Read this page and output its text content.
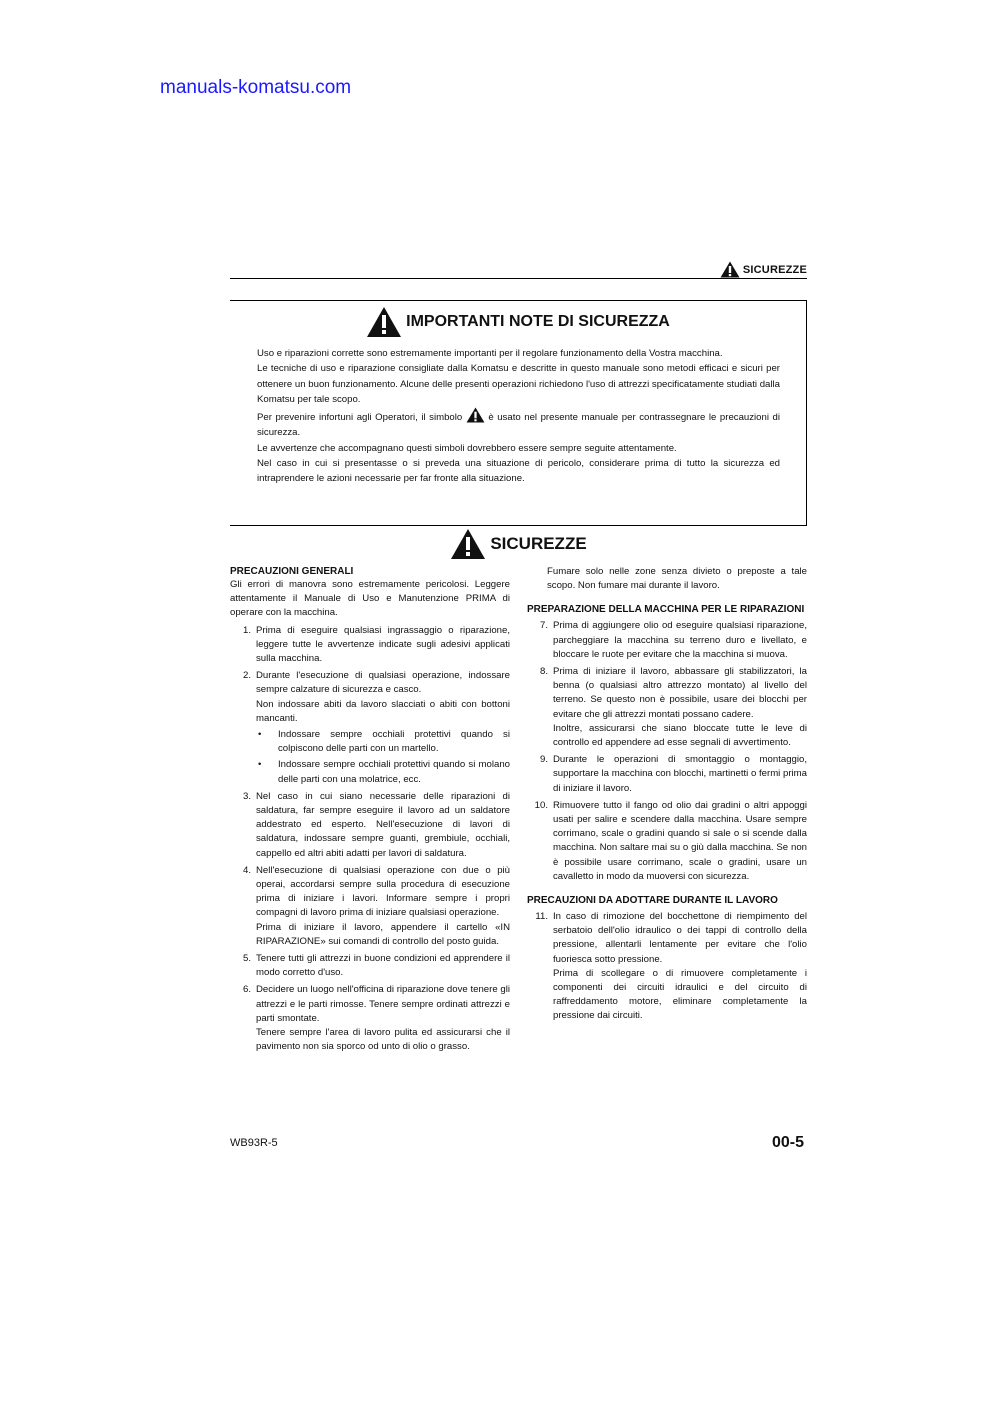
manuals-komatsu.com
SICUREZZE
IMPORTANTI NOTE DI SICUREZZA

Uso e riparazioni corrette sono estremamente importanti per il regolare funzionamento della Vostra macchina.

Le tecniche di uso e riparazione consigliate dalla Komatsu e descritte in questo manuale sono metodi efficaci e sicuri per ottenere un buon funzionamento. Alcune delle presenti operazioni richiedono l'uso di attrezzi specificatamente studiati dalla Komatsu per tale scopo.

Per prevenire infortuni agli Operatori, il simbolo	è usato nel presente manuale per contrassegnare le precauzioni di sicurezza.

Le avvertenze che accompagnano questi simboli dovrebbero essere sempre seguite attentamente.

Nel caso in cui si presentasse o si preveda una situazione di pericolo, considerare prima di tutto la sicurezza ed intraprendere le azioni necessarie per far fronte alla situazione.

SICUREZZE
PRECAUZIONI GENERALI

Gli errori di manovra sono estremamente pericolosi. Leggere attentamente il Manuale di Uso e Manutenzione PRIMA di operare con la macchina.

1. Prima di eseguire qualsiasi ingrassaggio o riparazione, leggere tutte le avvertenze indicate sugli adesivi applicati sulla macchina.

2. Durante l'esecuzione di qualsiasi operazione, indossare sempre calzature di sicurezza e casco.

Non indossare abiti da lavoro slacciati o abiti con bottoni mancanti.

•	Indossare sempre occhiali protettivi quando si colpiscono delle parti con un martello.
•	Indossare sempre occhiali protettivi quando si molano delle parti con una molatrice, ecc.
3. Nel caso in cui siano necessarie delle riparazioni di saldatura, far sempre eseguire il lavoro ad un saldatore addestrato ed esperto. Nell'esecuzione di lavori di saldatura, indossare sempre guanti, grembiule, occhiali, cappello ed altri abiti adatti per lavori di saldatura.

4. Nell'esecuzione di qualsiasi operazione con due o più operai, accordarsi sempre sulla procedura di esecuzione prima di iniziare i lavori. Informare sempre i propri compagni di lavoro prima di iniziare qualsiasi operazione.

Prima di iniziare il lavoro, appendere il cartello «IN RIPARAZIONE» sui comandi di controllo del posto guida.

5. Tenere tutti gli attrezzi in buone condizioni ed apprendere il modo corretto d'uso.

6. Decidere un luogo nell'officina di riparazione dove tenere gli attrezzi e le parti rimosse. Tenere sempre ordinati attrezzi e parti smontate.

Tenere sempre l'area di lavoro pulita ed assicurarsi che il pavimento non sia sporco od unto di olio o grasso.

Fumare solo nelle zone senza divieto o preposte a tale scopo. Non fumare mai durante il lavoro.

PREPARAZIONE DELLA MACCHINA PER LE RIPARAZIONI
7. Prima di aggiungere olio od eseguire qualsiasi riparazione, parcheggiare la macchina su terreno duro e livellato, e bloccare le ruote per evitare che la macchina si muova.

8. Prima di iniziare il lavoro, abbassare gli stabilizzatori, la benna (o qualsiasi altro attrezzo montato) al livello del terreno. Se questo non è possibile, usare dei blocchi per evitare che gli attrezzi montati possano cadere.

Inoltre, assicurarsi che siano bloccate tutte le leve di controllo ed appendere ad esse segnali di avvertimento.

9. Durante le operazioni di smontaggio o montaggio, supportare la macchina con blocchi, martinetti o fermi prima di iniziare il lavoro.

10. Rimuovere tutto il fango od olio dai gradini o altri appoggi usati per salire e scendere dalla macchina. Usare sempre corrimano, scale o gradini quando si sale o si scende dalla macchina. Non saltare mai su o giù dalla macchina. Se non è possibile usare corrimano, scale o gradini, usare un cavalletto in modo da muoversi con sicurezza.

PRECAUZIONI DA ADOTTARE DURANTE IL LAVORO
11. In caso di rimozione del bocchettone di riempimento del serbatoio dell'olio idraulico o dei tappi di controllo della pressione, allentarli lentamente per evitare che l'olio fuoriesca sotto pressione.

Prima di scollegare o di rimuovere completamente i componenti dei circuiti idraulici e del circuito di raffreddamento motore, eliminare completamente la pressione dai circuiti.

WB93R-5	00-5
